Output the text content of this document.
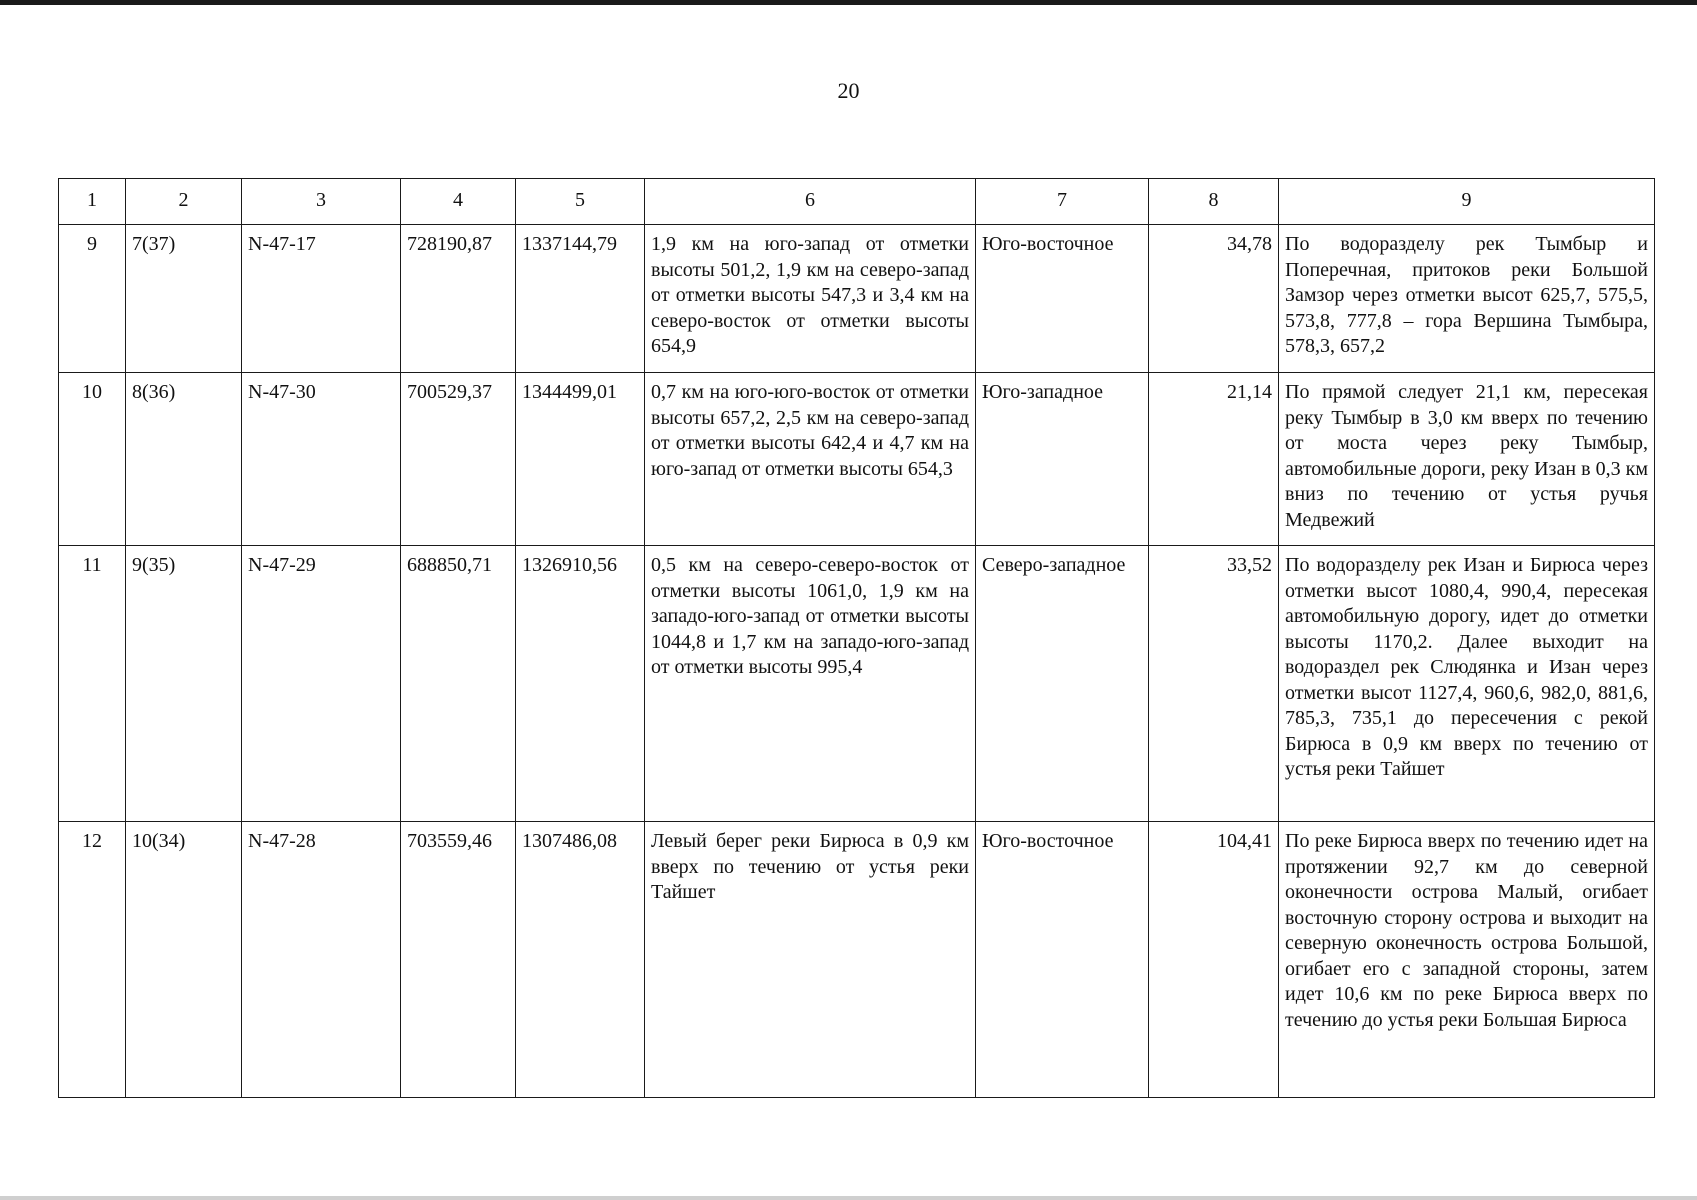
20
1	2	3	4	5	6	7	8	9
9	7(37)	N-47-17	728190,87	1337144,79	1,9 км на юго-запад от отметки высоты 501,2, 1,9 км на северо-запад от отметки высоты 547,3 и 3,4 км на северо-восток от отметки высоты 654,9	Юго-восточное	34,78	По водоразделу рек Тымбыр и Поперечная, притоков реки Большой Замзор через отметки высот 625,7, 575,5, 573,8, 777,8 – гора Вершина Тымбыра, 578,3, 657,2
10	8(36)	N-47-30	700529,37	1344499,01	0,7 км на юго-юго-восток от отметки высоты 657,2, 2,5 км на северо-запад от отметки высоты 642,4 и 4,7 км на юго-запад от отметки высоты 654,3	Юго-западное	21,14	По прямой следует 21,1 км, пересекая реку Тымбыр в 3,0 км вверх по течению от моста через реку Тымбыр, автомобильные дороги, реку Изан в 0,3 км вниз по течению от устья ручья Медвежий
11	9(35)	N-47-29	688850,71	1326910,56	0,5 км на северо-северо-восток от отметки высоты 1061,0, 1,9 км на западо-юго-запад от отметки высоты 1044,8 и 1,7 км на западо-юго-запад от отметки высоты 995,4	Северо-западное	33,52	По водоразделу рек Изан и Бирюса через отметки высот 1080,4, 990,4, пересекая автомобильную дорогу, идет до отметки высоты 1170,2. Далее выходит на водораздел рек Слюдянка и Изан через отметки высот 1127,4, 960,6, 982,0, 881,6, 785,3, 735,1 до пересечения с рекой Бирюса в 0,9 км вверх по течению от устья реки Тайшет
12	10(34)	N-47-28	703559,46	1307486,08	Левый берег реки Бирюса в 0,9 км вверх по течению от устья реки Тайшет	Юго-восточное	104,41	По реке Бирюса вверх по течению идет на протяжении 92,7 км до северной оконечности острова Малый, огибает восточную сторону острова и выходит на северную оконечность острова Большой, огибает его с западной стороны, затем идет 10,6 км по реке Бирюса вверх по течению до устья реки Большая Бирюса
